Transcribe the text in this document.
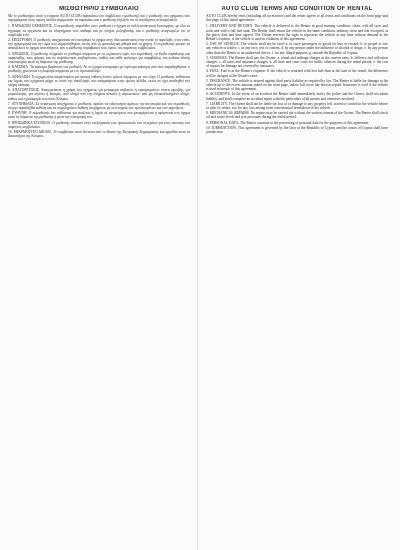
ΜΙΣΘΩΤΗΡΙΟ ΣΥΜΒΟΛΑΙΟ
Με το μισθωτήριο αυτό η εταιρεία AUTO CLUB (παρακάτω στο συμβόλαιο ο μισθωτής) και ο μισθωτής του οχήματος που περιγράφεται στην πρώτη σελίδα συμφωνούν τα παρακάτω και ο μισθωτής δηλώνει ότι τα αποδέχεται ανεπιφύλακτα.
1. ΠΑΡΑΔΟΣΗ ΟΧΗΜΑΤΟΣ. Ο εκμισθωτής παραδίδει στον μισθωτή το όχημα σε καλή κατάσταση λειτουργίας, με όλα τα έγγραφα, τα εργαλεία και τα εξαρτήματα του, καθαρό και με πλήρες ρεζερβουάρ, και ο μισθωτής αναγνωρίζει ότι το παρέλαβε έτσι.
2. ΕΠΙΣΤΡΟΦΗ. Ο μισθωτής υποχρεούται να επιστρέψει το όχημα στην ίδια κατάσταση στην οποία το παρέλαβε, στον τόπο, την ημερομηνία και την ώρα που συμφωνήθηκαν, εκτός από τη φυσιολογική φθορά από τη χρήση. Ο εκμισθωτής μπορεί να ανακαλέσει το όχημα οποτεδήποτε, εάν ο μισθωτής παραβιάσει τους όρους του παρόντος συμβολαίου.
3. ΧΡΕΩΣΕΙΣ. Ο μισθωτής πληρώνει το μίσθωμα σύμφωνα με τις ισχύουσες τιμές του εκμισθωτή, τα έξοδα παράδοσης και παραλαβής, τους φόρους και τις ασφαλιστικές επιβαρύνσεις, καθώς και κάθε πρόστιμο για παραβάσεις του κώδικα οδικής κυκλοφορίας κατά τη διάρκεια της μίσθωσης.
4. ΚΑΥΣΙΜΑ. Τα καύσιμα βαρύνουν τον μισθωτή. Αν το όχημα επιστραφεί με λιγότερα καύσιμα από όσα παραλήφθηκαν, ο μισθωτής χρεώνεται τη διαφορά σύμφωνα με τον τιμοκατάλογο.
5. ΑΣΦΑΛΙΣΗ. Το όχημα είναι ασφαλισμένο για αστική ευθύνη έναντι τρίτων σύμφωνα με τον νόμο. Ο μισθωτής ευθύνεται για ζημιές του οχήματος μέχρι το ποσό της απαλλαγής που αναγράφεται στην πρώτη σελίδα, εκτός αν έχει αποδεχθεί την πλήρη κάλυψη.
6. ΑΠΑΓΟΡΕΥΣΕΙΣ. Απαγορεύεται η χρήση του οχήματος για μεταφορά επιβατών ή εμπορευμάτων έναντι αμοιβής, για ρυμούλκηση, για αγώνες ή δοκιμές, από οδηγό υπό την επήρεια αλκοόλ ή ναρκωτικών, από μη εξουσιοδοτημένο οδηγό, καθώς και η μεταφορά του εκτός Κύπρου.
7. ΑΤΥΧΗΜΑΤΑ. Σε περίπτωση ατυχήματος ο μισθωτής οφείλει να ειδοποιήσει αμέσως την αστυνομία και τον εκμισθωτή, να μην παραδεχθεί ευθύνη και να συμπληρώσει έκθεση ατυχήματος με τα στοιχεία των εμπλεκομένων και των μαρτύρων.
8. ΕΥΘΥΝΗ. Ο εκμισθωτής δεν ευθύνεται για απώλεια ή ζημιά σε αντικείμενα που μεταφέρονται ή αφήνονται στο όχημα κατά τη διάρκεια της μίσθωσης ή μετά την επιστροφή του.
9. ΠΡΟΣΩΠΙΚΑ ΣΤΟΙΧΕΙΑ. Ο μισθωτής συναινεί στην επεξεργασία των προσωπικών του στοιχείων για τους σκοπούς του παρόντος συμβολαίου.
10. ΕΦΑΡΜΟΣΤΕΟ ΔΙΚΑΙΟ. Το συμβόλαιο αυτό διέπεται από το δίκαιο της Κυπριακής Δημοκρατίας και αρμόδια είναι τα Δικαστήρια της Κύπρου.
AUTO CLUB TERMS AND CONDITION OF RENTAL
AUTO CLUB hereby rents (including all accessories) and the renter agrees to all terms and conditions on the front page and this page of this rental agreement.
1. DELIVERY AND RETURN. The vehicle is delivered to the Renter in good running condition, clean, with all tyres and tools and with a full fuel tank. The Renter shall return the vehicle in the same condition, ordinary wear and tear excepted, at the place, date and time agreed. The Owner reserves the right to repossess the vehicle at any time without demand at the Renter's expense, if the vehicle is used in violation of this agreement.
2. USE OF VEHICLE. The vehicle shall not be used: a. to carry passengers or goods for hire or reward; b. to propel or tow any vehicle or trailer; c. in any race, test or contest; d. by any person under the influence of alcohol or drugs; e. by any person other than the Renter or an authorised driver; f. for any illegal purpose; g. outside the Republic of Cyprus.
3. CHARGES. The Renter shall pay the Owner: a. rental and mileage charges at the current rates; b. delivery and collection charges; c. all taxes and insurance charges; d. all fines and court costs for traffic offences during the rental period; e. the cost of repairs for damage not covered by insurance.
4. FUEL. Fuel is at the Renter's expense. If the vehicle is returned with less fuel than at the start of the rental, the difference will be charged at the Owner's rates.
5. INSURANCE. The vehicle is insured against third party liability as required by law. The Renter is liable for damage to the vehicle up to the excess amount stated on the front page, unless full cover has been accepted. Insurance is void if the vehicle is used in breach of this agreement.
6. ACCIDENTS. In the event of an accident the Renter shall immediately notify the police and the Owner, shall not admit liability, and shall complete an accident report with the particulars of all parties and witnesses involved.
7. LIABILITY. The Owner shall not be liable for loss of or damage to any property left, stored or carried in the vehicle before or after its return, nor for any loss arising from a mechanical breakdown of the vehicle.
8. MECHANICAL REPAIRS. No repairs may be carried out without the written consent of the Owner. The Renter shall check oil and water levels and tyre pressures during the rental period.
9. PERSONAL DATA. The Renter consents to the processing of personal data for the purposes of this agreement.
10. JURISDICTION. This agreement is governed by the laws of the Republic of Cyprus and the courts of Cyprus shall have jurisdiction.
